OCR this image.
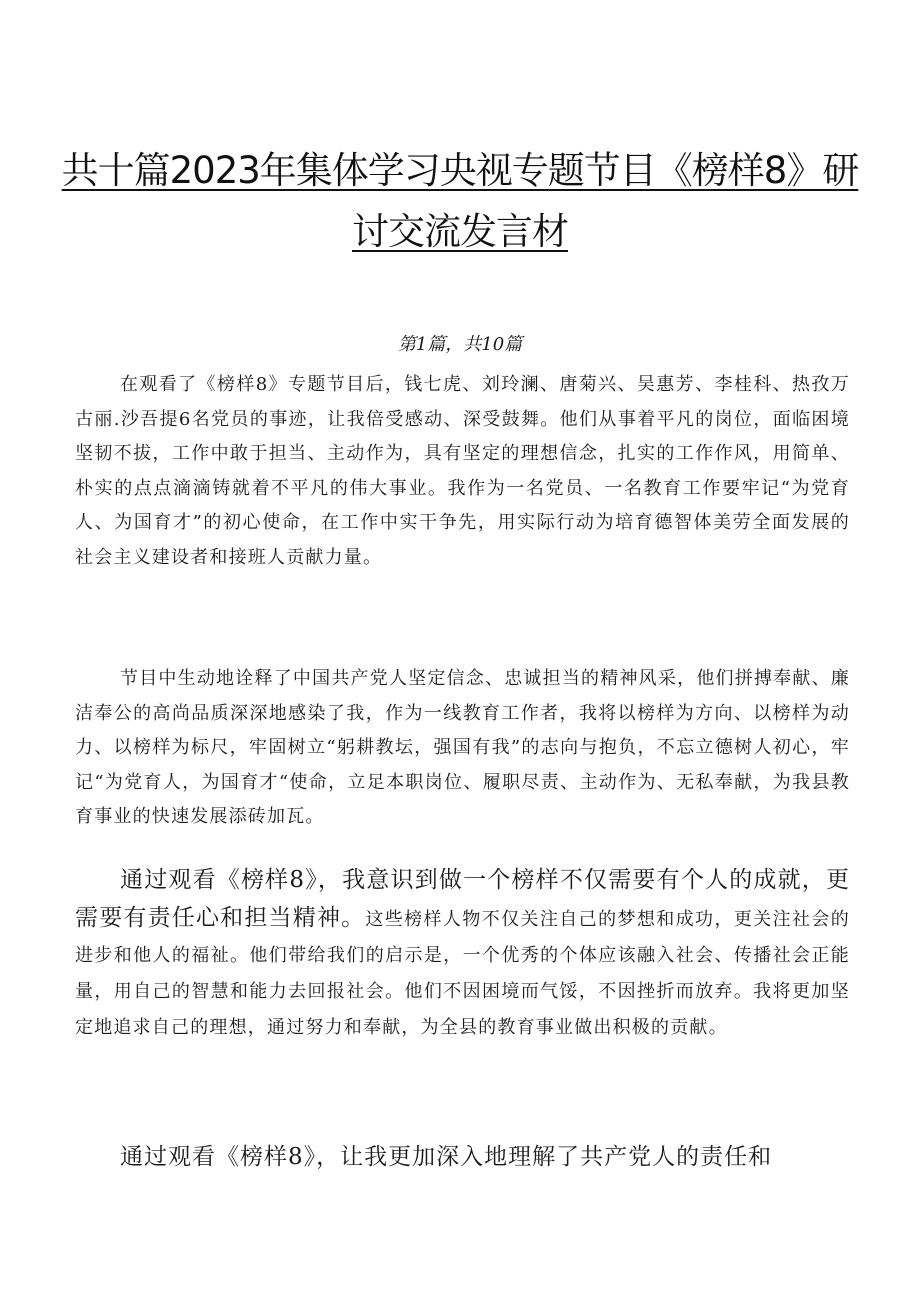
共十篇2023年集体学习央视专题节目《榜样8》研
讨交流发言材
第1篇，共10篇
在观看了《榜样8》专题节目后，钱七虎、刘玲澜、唐菊兴、吴惠芳、李桂科、热孜万古丽.沙吾提6名党员的事迹，让我倍受感动、深受鼓舞。他们从事着平凡的岗位，面临困境坚韧不拔，工作中敢于担当、主动作为，具有坚定的理想信念，扎实的工作作风，用简单、朴实的点点滴滴铸就着不平凡的伟大事业。我作为一名党员、一名教育工作要牢记“为党育人、为国育才”的初心使命，在工作中实干争先，用实际行动为培育德智体美劳全面发展的社会主义建设者和接班人贡献力量。
节目中生动地诠释了中国共产党人坚定信念、忠诚担当的精神风采，他们拼搏奉献、廉洁奉公的高尚品质深深地感染了我，作为一线教育工作者，我将以榜样为方向、以榜样为动力、以榜样为标尺，牢固树立“躬耕教坛，强国有我”的志向与抱负，不忘立德树人初心，牢记“为党育人，为国育才“使命，立足本职岗位、履职尽责、主动作为、无私奉献，为我县教育事业的快速发展添砖加瓦。
通过观看《榜样8》，我意识到做一个榜样不仅需要有个人的成就，更需要有责任心和担当精神。这些榜样人物不仅关注自己的梦想和成功，更关注社会的进步和他人的福祉。他们带给我们的启示是，一个优秀的个体应该融入社会、传播社会正能量，用自己的智慧和能力去回报社会。他们不因困境而气馁，不因挫折而放弃。我将更加坚定地追求自己的理想，通过努力和奉献，为全县的教育事业做出积极的贡献。
通过观看《榜样8》，让我更加深入地理解了共产党人的责任和
